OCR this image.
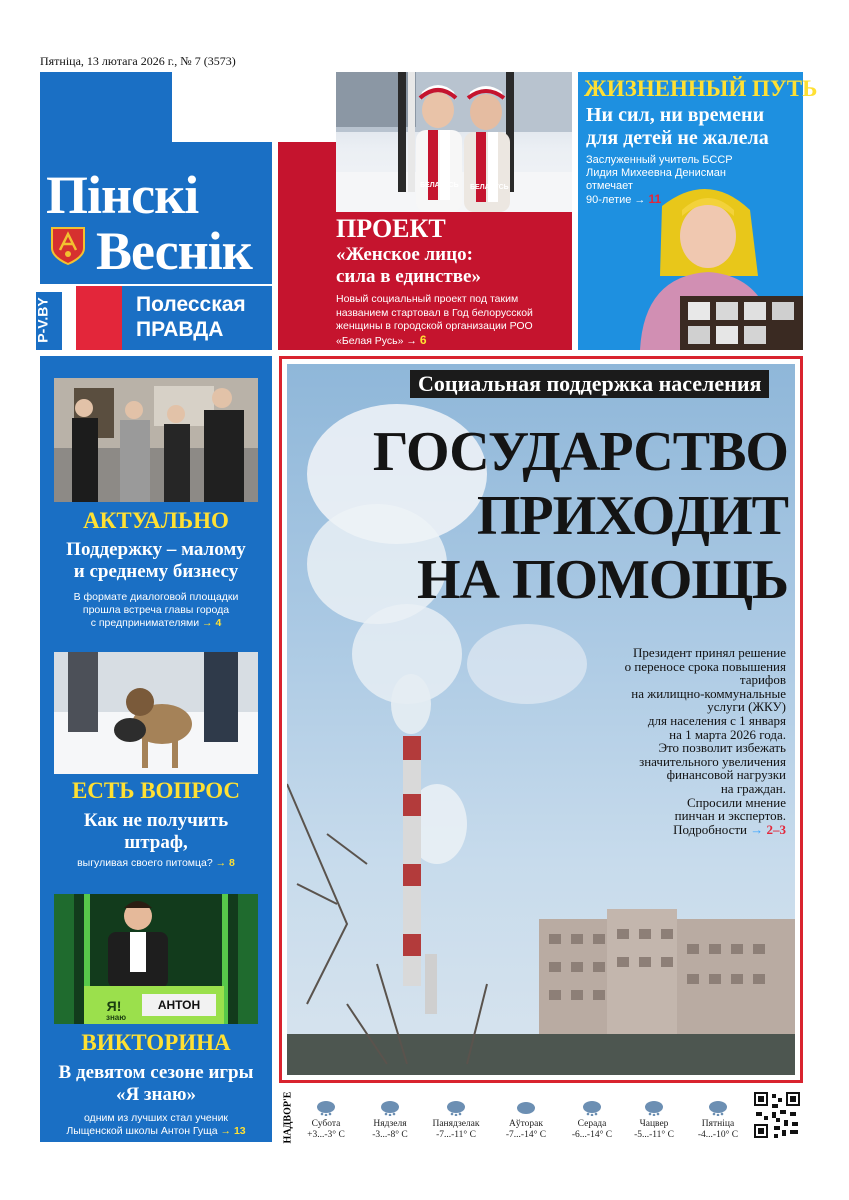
Пятніца, 13 лютага 2026 г., № 7 (3573)
Пінскі
Веснік
P-V.BY	Полесская
ПРАВДА
БЕЛАРУСЬ БЕЛАРУСЬ
ПРОЕКТ
«Женское лицо:
сила в единстве»
Новый социальный проект под таким названием стартовал в Год белорусской женщины в городской организации РОО «Белая Русь» → 6
ЖИЗНЕННЫЙ ПУТЬ
Ни сил, ни времени
для детей не жалела
Заслуженный учитель БССР
Лидия Михеевна Денисман
отмечает
90-летие → 11
АКТУАЛЬНО
Поддержку – малому
и среднему бизнесу
В формате диалоговой площадки
прошла встреча главы города
с предпринимателями → 4
ЕСТЬ ВОПРОС
Как не получить
штраф,
выгуливая своего питомца? → 8
Я!
знаю
АНТОН
ВИКТОРИНА
В девятом сезоне игры
«Я знаю»
одним из лучших стал ученик
Лыщенской школы Антон Гуща → 13
Социальная поддержка населения
ГОСУДАРСТВО
ПРИХОДИТ
НА ПОМОЩЬ
Президент принял решение
о переносе срока повышения
тарифов
на жилищно-коммунальные
услуги (ЖКУ)
для населения с 1 января
на 1 марта 2026 года.
Это позволит избежать
значительного увеличения
финансовой нагрузки
на граждан.
Спросили мнение
пинчан и экспертов.
Подробности → 2–3
НАДВОР'Е	Субота
+3...-3° C
Нядзеля
-3...-8° C
Панядзелак
-7...-11° C
Аўторак
-7...-14° C
Серада
-6...-14° C
Чацвер
-5...-11° C
Пятніца
-4...-10° C
